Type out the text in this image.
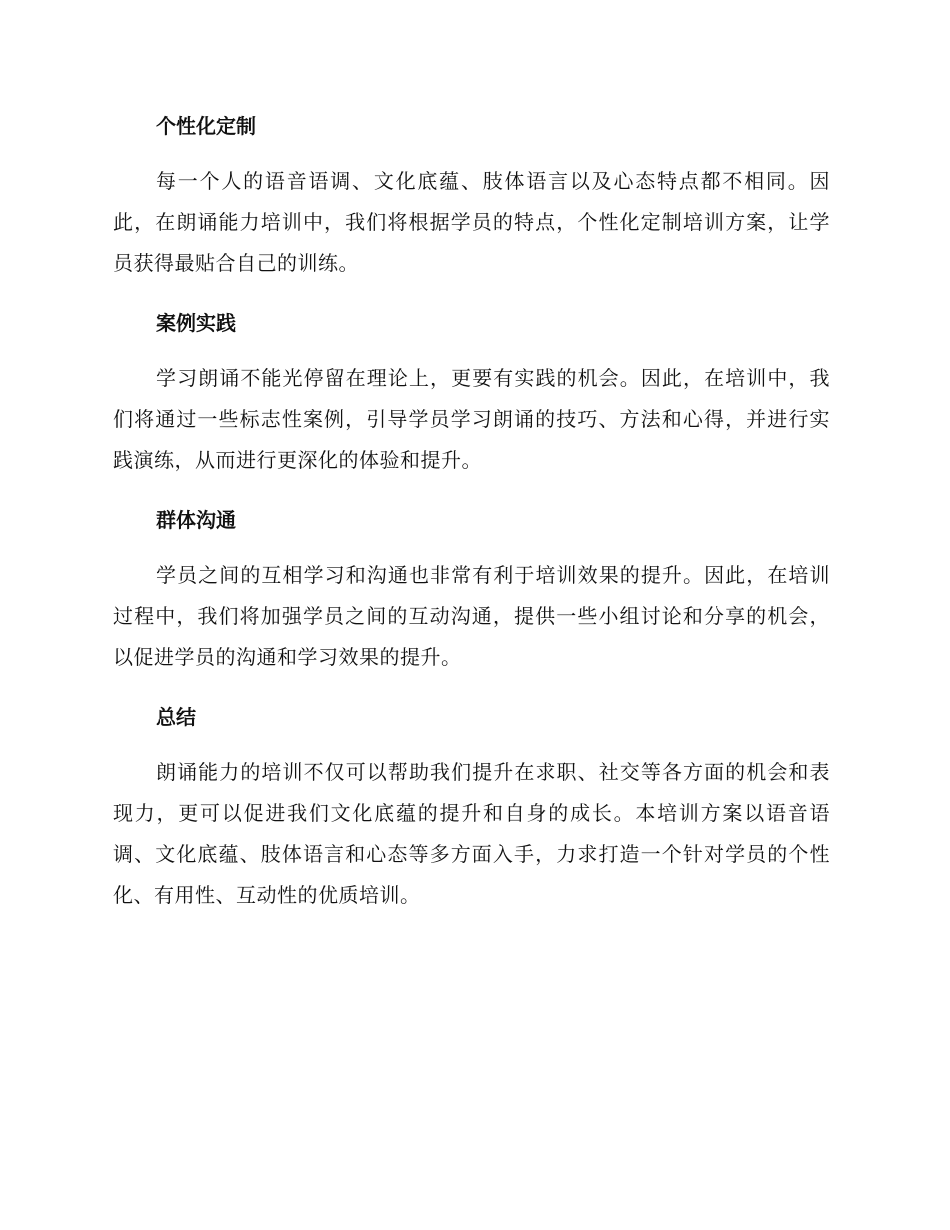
个性化定制

每一个人的语音语调、文化底蕴、肢体语言以及心态特点都不相同。因此，在朗诵能力培训中，我们将根据学员的特点，个性化定制培训方案，让学员获得最贴合自己的训练。

案例实践

学习朗诵不能光停留在理论上，更要有实践的机会。因此，在培训中，我们将通过一些标志性案例，引导学员学习朗诵的技巧、方法和心得，并进行实践演练，从而进行更深化的体验和提升。

群体沟通

学员之间的互相学习和沟通也非常有利于培训效果的提升。因此，在培训过程中，我们将加强学员之间的互动沟通，提供一些小组讨论和分享的机会，以促进学员的沟通和学习效果的提升。

总结

朗诵能力的培训不仅可以帮助我们提升在求职、社交等各方面的机会和表现力，更可以促进我们文化底蕴的提升和自身的成长。本培训方案以语音语调、文化底蕴、肢体语言和心态等多方面入手，力求打造一个针对学员的个性化、有用性、互动性的优质培训。
